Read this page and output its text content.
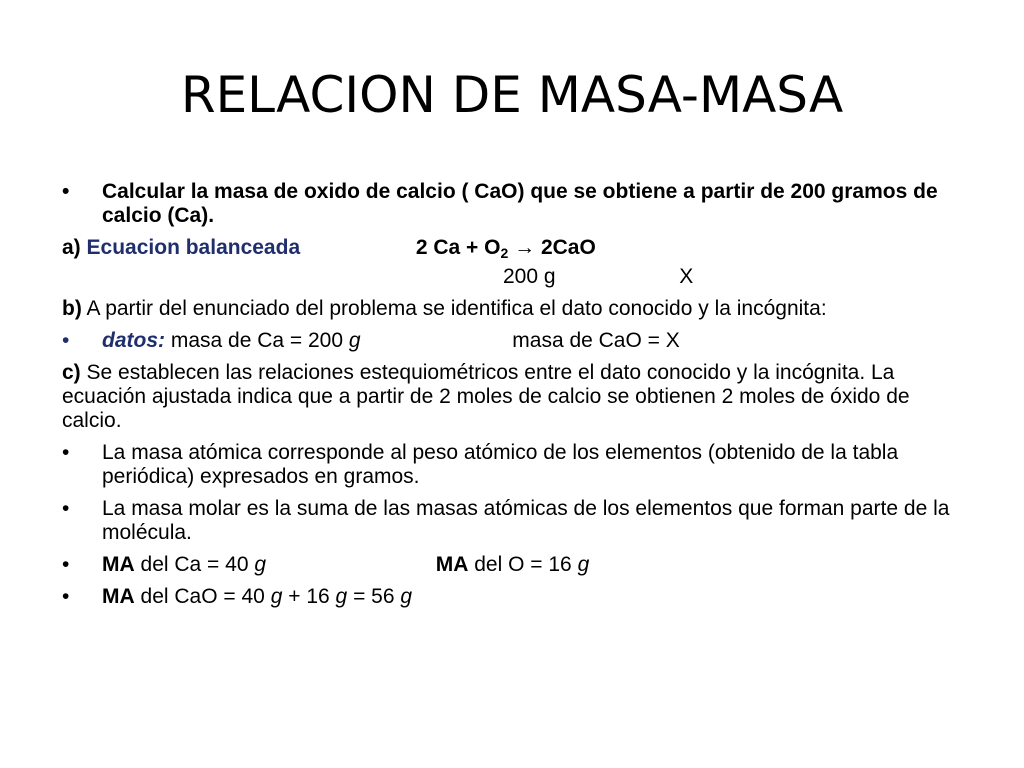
RELACION DE MASA-MASA

• Calcular la masa de oxido de calcio ( CaO) que se obtiene a partir de 200 gramos de calcio (Ca).

a) Ecuacion balanceada	2 $Ca + O_2 \to 2CaO$

200 g	X

b) A partir del enunciado del problema se identifica el dato conocido y la incógnita:

• datos: masa de Ca = 200 g	masa de CaO = X

c) Se establecen las relaciones estequiométricos entre el dato conocido y la incógnita. La ecuación ajustada indica que a partir de 2 moles de calcio se obtienen 2 moles de óxido de calcio.

• La masa atómica corresponde al peso atómico de los elementos (obtenido de la tabla periódica) expresados en gramos.

• La masa molar es la suma de las masas atómicas de los elementos que forman parte de la molécula.

• MA del Ca = 40 g	MA del O = 16 g

• MA del CaO = 40 g + 16 g = 56 g
